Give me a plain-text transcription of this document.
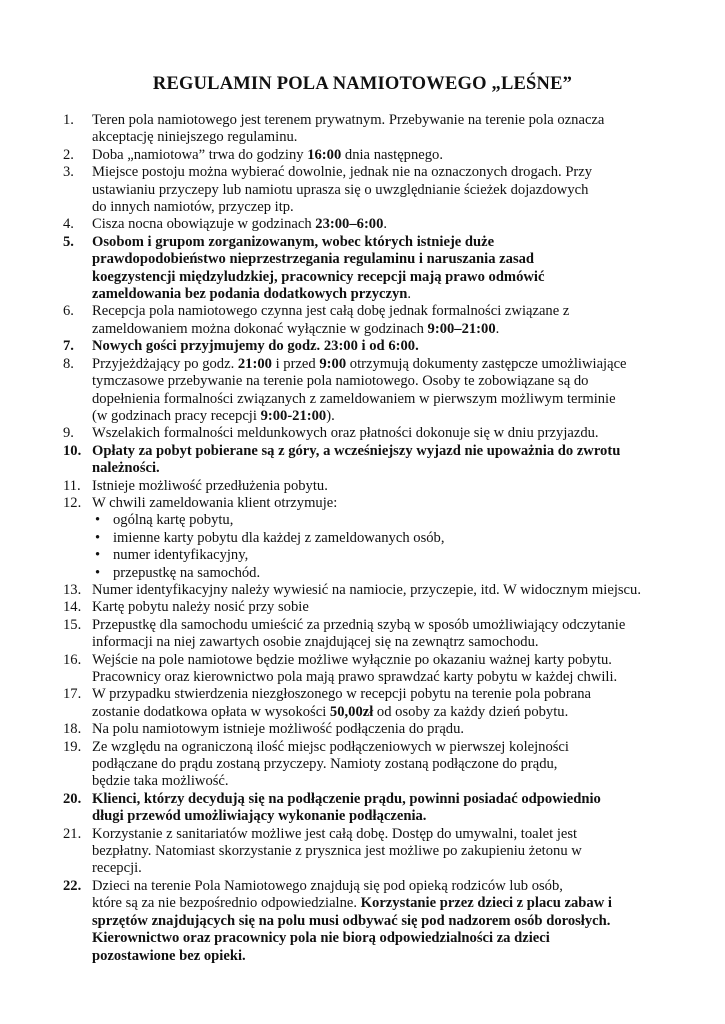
REGULAMIN POLA NAMIOTOWEGO „LEŚNE”
1.	Teren pola namiotowego jest terenem prywatnym. Przebywanie na terenie pola oznacza
akceptację niniejszego regulaminu.
2.	Doba „namiotowa” trwa do godziny 16:00 dnia następnego.
3.	Miejsce postoju można wybierać dowolnie, jednak nie na oznaczonych drogach. Przy
ustawianiu przyczepy lub namiotu uprasza się o uwzględnianie ścieżek dojazdowych
do innych namiotów, przyczep itp.
4.	Cisza nocna obowiązuje w godzinach 23:00–6:00.
5.	Osobom i grupom zorganizowanym, wobec których istnieje duże
prawdopodobieństwo nieprzestrzegania regulaminu i naruszania zasad
koegzystencji międzyludzkiej, pracownicy recepcji mają prawo odmówić
zameldowania bez podania dodatkowych przyczyn.
6.	Recepcja pola namiotowego czynna jest całą dobę jednak formalności związane z
zameldowaniem można dokonać wyłącznie w godzinach 9:00–21:00.
7.	Nowych gości przyjmujemy do godz. 23:00 i od 6:00.
8.	Przyjeżdżający po godz. 21:00 i przed 9:00 otrzymują dokumenty zastępcze umożliwiające
tymczasowe przebywanie na terenie pola namiotowego. Osoby te zobowiązane są do
dopełnienia formalności związanych z zameldowaniem w pierwszym możliwym terminie
(w godzinach pracy recepcji 9:00-21:00).
9.	Wszelakich formalności meldunkowych oraz płatności dokonuje się w dniu przyjazdu.
10. Opłaty za pobyt pobierane są z góry, a wcześniejszy wyjazd nie upoważnia do zwrotu
należności.
11. Istnieje możliwość przedłużenia pobytu.
12. W chwili zameldowania klient otrzymuje:
• ogólną kartę pobytu,
• imienne karty pobytu dla każdej z zameldowanych osób,
• numer identyfikacyjny,
• przepustkę na samochód.
13. Numer identyfikacyjny należy wywiesić na namiocie, przyczepie, itd. W widocznym miejscu.
14. Kartę pobytu należy nosić przy sobie
15. Przepustkę dla samochodu umieścić za przednią szybą w sposób umożliwiający odczytanie
informacji na niej zawartych osobie znajdującej się na zewnątrz samochodu.
16. Wejście na pole namiotowe będzie możliwe wyłącznie po okazaniu ważnej karty pobytu.
Pracownicy oraz kierownictwo pola mają prawo sprawdzać karty pobytu w każdej chwili.
17. W przypadku stwierdzenia niezgłoszonego w recepcji pobytu na terenie pola pobrana
zostanie dodatkowa opłata w wysokości 50,00zł od osoby za każdy dzień pobytu.
18. Na polu namiotowym istnieje możliwość podłączenia do prądu.
19. Ze względu na ograniczoną ilość miejsc podłączeniowych w pierwszej kolejności
podłączane do prądu zostaną przyczepy. Namioty zostaną podłączone do prądu,
będzie taka możliwość.
20. Klienci, którzy decydują się na podłączenie prądu, powinni posiadać odpowiednio
długi przewód umożliwiający wykonanie podłączenia.
21. Korzystanie z sanitariatów możliwe jest całą dobę. Dostęp do umywalni, toalet jest
bezpłatny. Natomiast skorzystanie z prysznica jest możliwe po zakupieniu żetonu w
recepcji.
22. Dzieci na terenie Pola Namiotowego znajdują się pod opieką rodziców lub osób,
które są za nie bezpośrednio odpowiedzialne. Korzystanie przez dzieci z placu zabaw i
sprzętów znajdujących się na polu musi odbywać się pod nadzorem osób dorosłych.
Kierownictwo oraz pracownicy pola nie biorą odpowiedzialności za dzieci
pozostawione bez opieki.
